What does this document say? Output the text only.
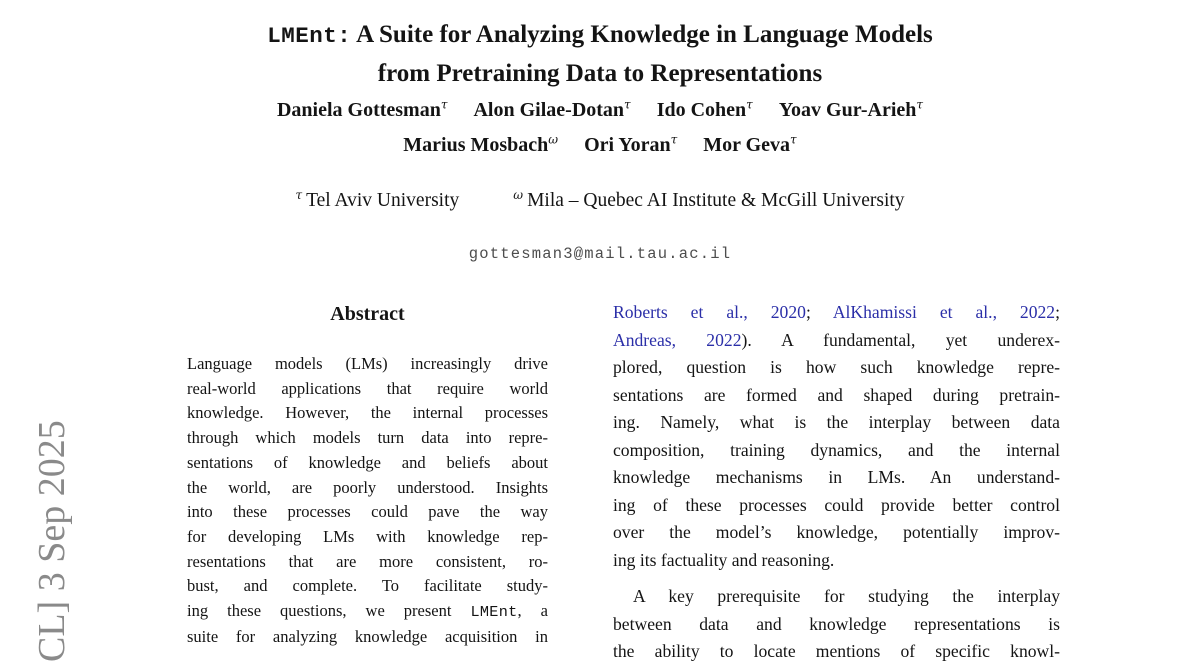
CL] 3 Sep 2025
LMEnt: A Suite for Analyzing Knowledge in Language Models
from Pretraining Data to Representations
Daniela Gottesman$^\tau$ Alon Gilae-Dotan$^\tau$ Ido Cohen$^\tau$ Yoav Gur-Arieh$^\tau$
Marius Mosbach$^\omega$ Ori Yoran$^\tau$ Mor Geva$^\tau$
$^\tau$ Tel Aviv University	$^\omega$ Mila – Quebec AI Institute & McGill University
gottesman3@mail.tau.ac.il
Abstract
Language models (LMs) increasingly drive
real-world applications that require world
knowledge. However, the internal processes
through which models turn data into repre-
sentations of knowledge and beliefs about
the world, are poorly understood. Insights
into these processes could pave the way
for developing LMs with knowledge rep-
resentations that are more consistent, ro-
bust, and complete. To facilitate study-
ing these questions, we present LMEnt, a
suite for analyzing knowledge acquisition in
Roberts et al., 2020; AlKhamissi et al., 2022;
Andreas, 2022). A fundamental, yet underex-
plored, question is how such knowledge repre-
sentations are formed and shaped during pretrain-
ing. Namely, what is the interplay between data
composition, training dynamics, and the internal
knowledge mechanisms in LMs. An understand-
ing of these processes could provide better control
over the model’s knowledge, potentially improv-
ing its factuality and reasoning.
A key prerequisite for studying the interplay
between data and knowledge representations is
the ability to locate mentions of specific knowl-
